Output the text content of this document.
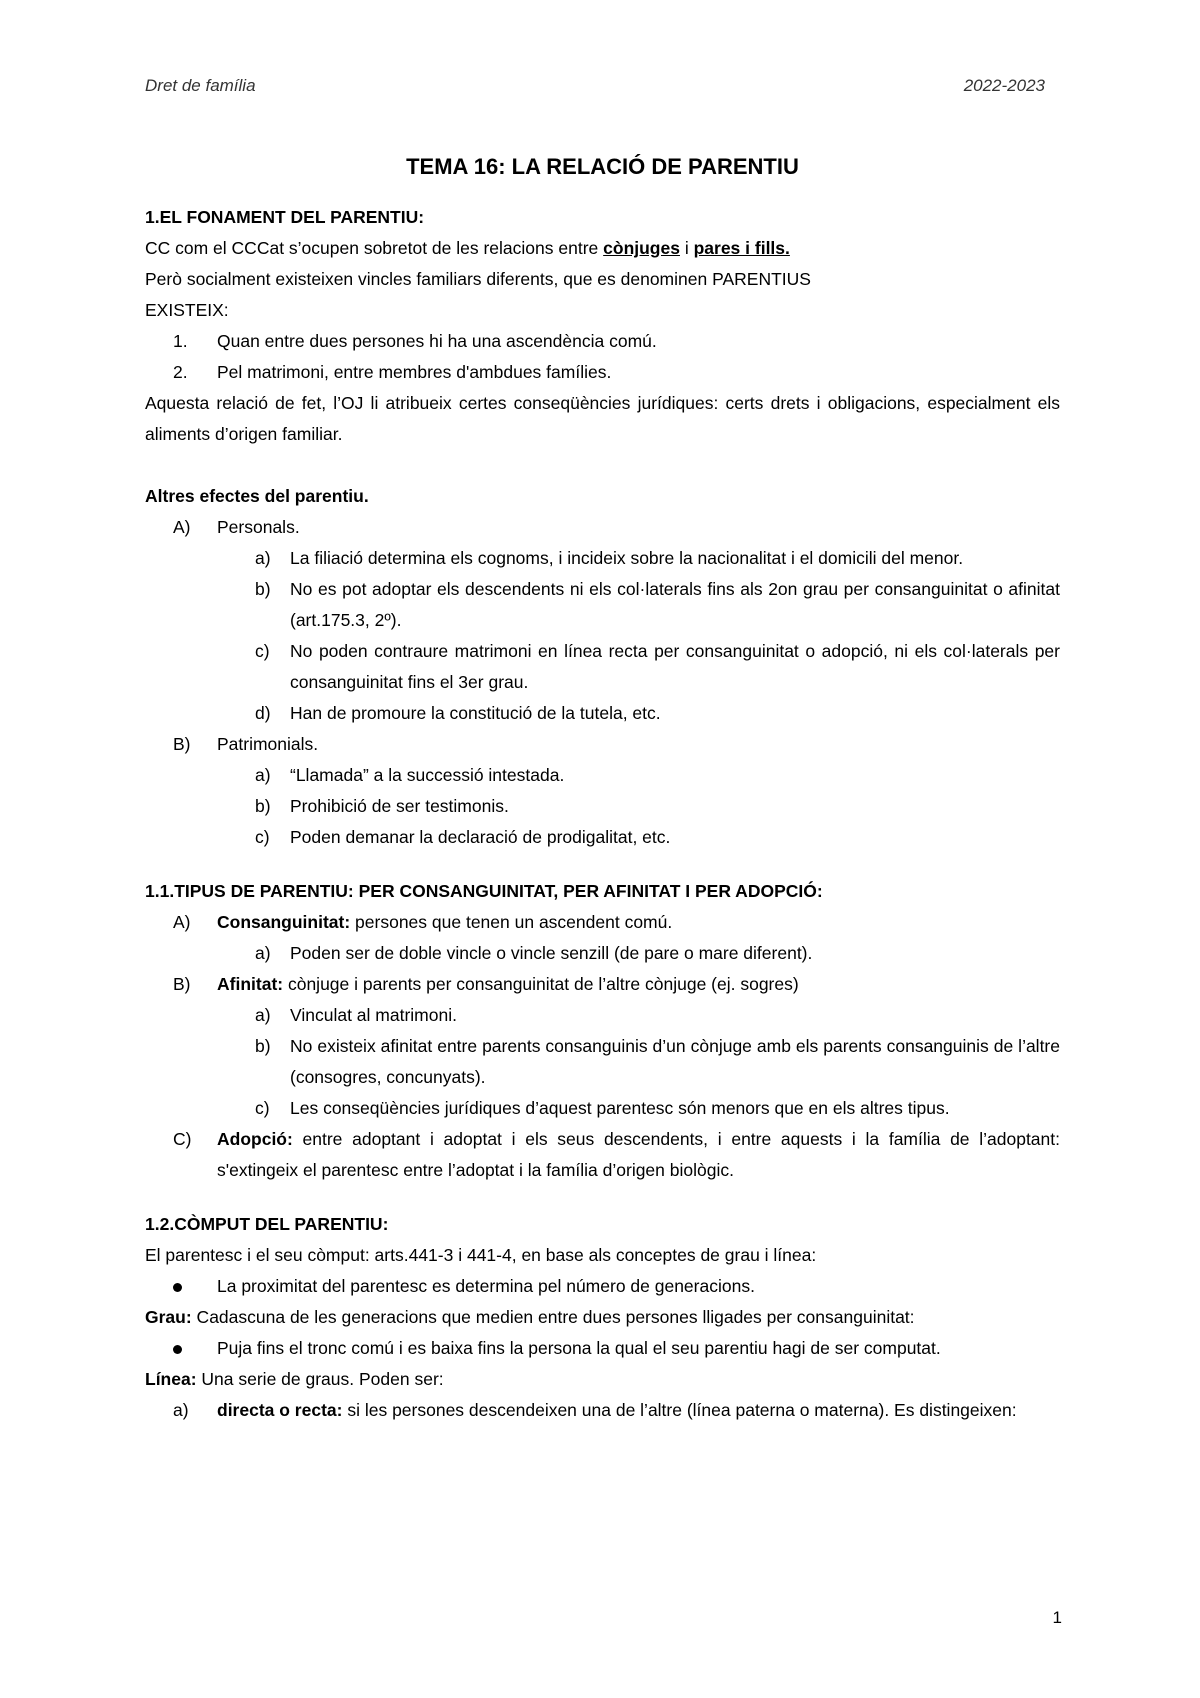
Dret de família	2022-2023
TEMA 16: LA RELACIÓ DE PARENTIU
1.EL FONAMENT DEL PARENTIU:
CC com el CCCat s’ocupen sobretot de les relacions entre cònjuges i pares i fills.
Però socialment existeixen vincles familiars diferents, que es denominen PARENTIUS
EXISTEIX:
1.	Quan entre dues persones hi ha una ascendència comú.
2.	Pel matrimoni, entre membres d'ambdues famílies.
Aquesta relació de fet, l’OJ li atribueix certes conseqüències jurídiques: certs drets i obligacions, especialment els aliments d’origen familiar.
Altres efectes del parentiu.
A)	Personals.
a)	La filiació determina els cognoms, i incideix sobre la nacionalitat i el domicili del menor.
b)	No es pot adoptar els descendents ni els col·laterals fins als 2on grau per consanguinitat o afinitat (art.175.3, 2º).
c)	No poden contraure matrimoni en línea recta per consanguinitat o adopció, ni els col·laterals per consanguinitat fins el 3er grau.
d)	Han de promoure la constitució de la tutela, etc.
B)	Patrimonials.
a)	“Llamada” a la successió intestada.
b)	Prohibició de ser testimonis.
c)	Poden demanar la declaració de prodigalitat, etc.
1.1.TIPUS DE PARENTIU: PER CONSANGUINITAT, PER AFINITAT I PER ADOPCIÓ:
A)	Consanguinitat: persones que tenen un ascendent comú.
a)	Poden ser de doble vincle o vincle senzill (de pare o mare diferent).
B)	Afinitat: cònjuge i parents per consanguinitat de l’altre cònjuge (ej. sogres)
a)	Vinculat al matrimoni.
b)	No existeix afinitat entre parents consanguinis d’un cònjuge amb els parents consanguinis de l’altre (consogres, concunyats).
c)	Les conseqüències jurídiques d’aquest parentesc són menors que en els altres tipus.
C)	Adopció: entre adoptant i adoptat i els seus descendents, i entre aquests i la família de l’adoptant: s'extingeix el parentesc entre l’adoptat i la família d’origen biològic.
1.2.CÒMPUT DEL PARENTIU:
El parentesc i el seu còmput: arts.441-3 i 441-4, en base als conceptes de grau i línea:
La proximitat del parentesc es determina pel número de generacions.
Grau: Cadascuna de les generacions que medien entre dues persones lligades per consanguinitat:
Puja fins el tronc comú i es baixa fins la persona la qual el seu parentiu hagi de ser computat.
Línea: Una serie de graus. Poden ser:
a)	directa o recta: si les persones descendeixen una de l’altre (línea paterna o materna). Es distingeixen:
1
